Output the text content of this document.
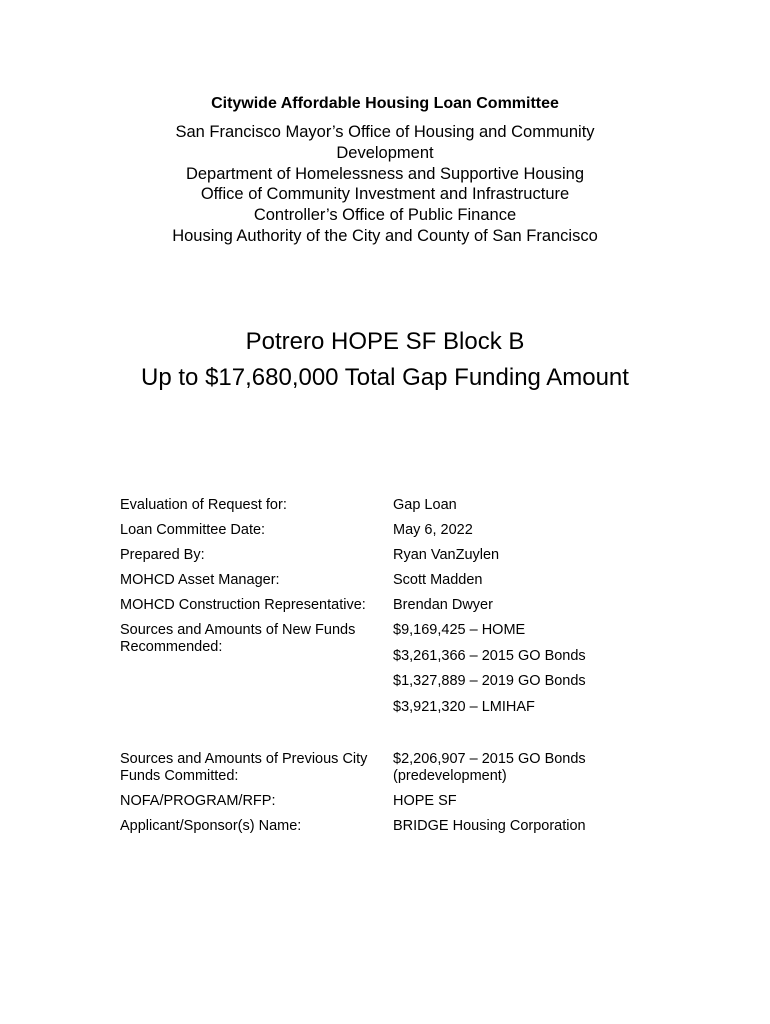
Citywide Affordable Housing Loan Committee
San Francisco Mayor’s Office of Housing and Community Development
Department of Homelessness and Supportive Housing
Office of Community Investment and Infrastructure
Controller’s Office of Public Finance
Housing Authority of the City and County of San Francisco
Potrero HOPE SF Block B
Up to $17,680,000 Total Gap Funding Amount
Evaluation of Request for:	Gap Loan
Loan Committee Date:	May 6, 2022
Prepared By:	Ryan VanZuylen
MOHCD Asset Manager:	Scott Madden
MOHCD Construction Representative:	Brendan Dwyer
Sources and Amounts of New Funds Recommended:
$9,169,425 – HOME
$3,261,366 – 2015 GO Bonds
$1,327,889 – 2019 GO Bonds
$3,921,320 – LMIHAF
Sources and Amounts of Previous City Funds Committed:
$2,206,907 – 2015 GO Bonds (predevelopment)
NOFA/PROGRAM/RFP:	HOPE SF
Applicant/Sponsor(s) Name:	BRIDGE Housing Corporation
